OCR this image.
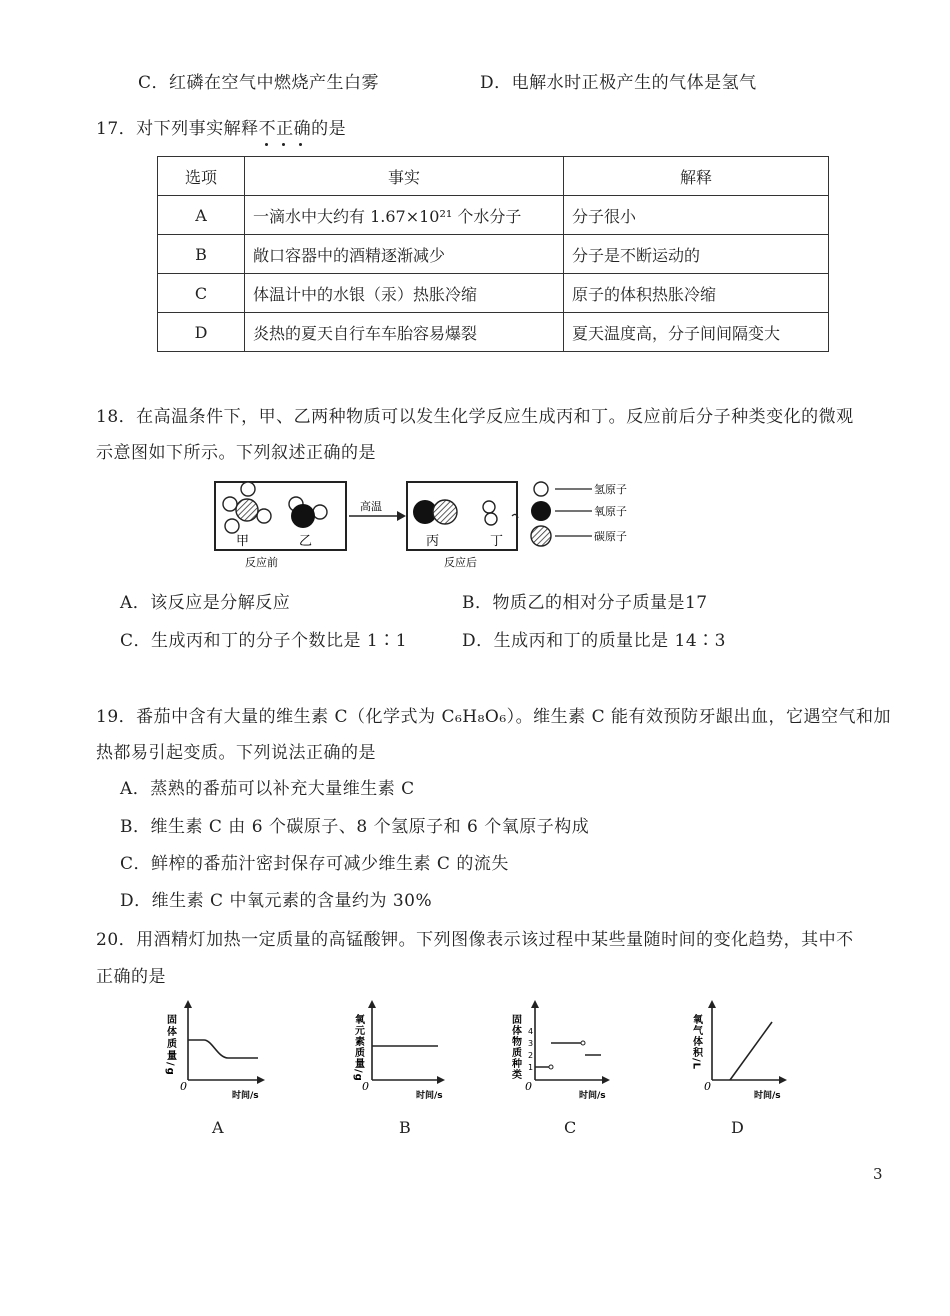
C．红磷在空气中燃烧产生白雾	D．电解水时正极产生的气体是氢气
17．对下列事实解释不正确
的是
选项	事实	解释
A	一滴水中大约有 1.67×10²¹ 个水分子	分子很小
B	敞口容器中的酒精逐渐减少	分子是不断运动的
C	体温计中的水银（汞）热胀冷缩	原子的体积热胀冷缩
D	炎热的夏天自行车车胎容易爆裂	夏天温度高，分子间间隔变大
18．在高温条件下，甲、乙两种物质可以发生化学反应生成丙和丁。反应前后分子种类变化的微观
示意图如下所示。下列叙述正确的是
甲	乙
反应前
高温
丙	丁
反应后
氢原子
氧原子
碳原子
A．该反应是分解反应	B．物质乙的相对分子质量是17
C．生成丙和丁的分子个数比是 1∶1	D．生成丙和丁的质量比是 14∶3
19．番茄中含有大量的维生素 C（化学式为 C₆H₈O₆）。维生素 C 能有效预防牙龈出血，它遇空气和加
热都易引起变质。下列说法正确的是
A．蒸熟的番茄可以补充大量维生素 C
B．维生素 C 由 6 个碳原子、8 个氢原子和 6 个氧原子构成
C．鲜榨的番茄汁密封保存可减少维生素 C 的流失
D．维生素 C 中氧元素的含量约为 30%
20．用酒精灯加热一定质量的高锰酸钾。下列图像表示该过程中某些量随时间的变化趋势，其中不
正确的是
固体质量/g
0
时间/s
A
氧元素质量/g
0
时间/s
B
固体物质种类 4
3
2
1
0
时间/s
C
氧气体积/L
0
时间/s
D
3
